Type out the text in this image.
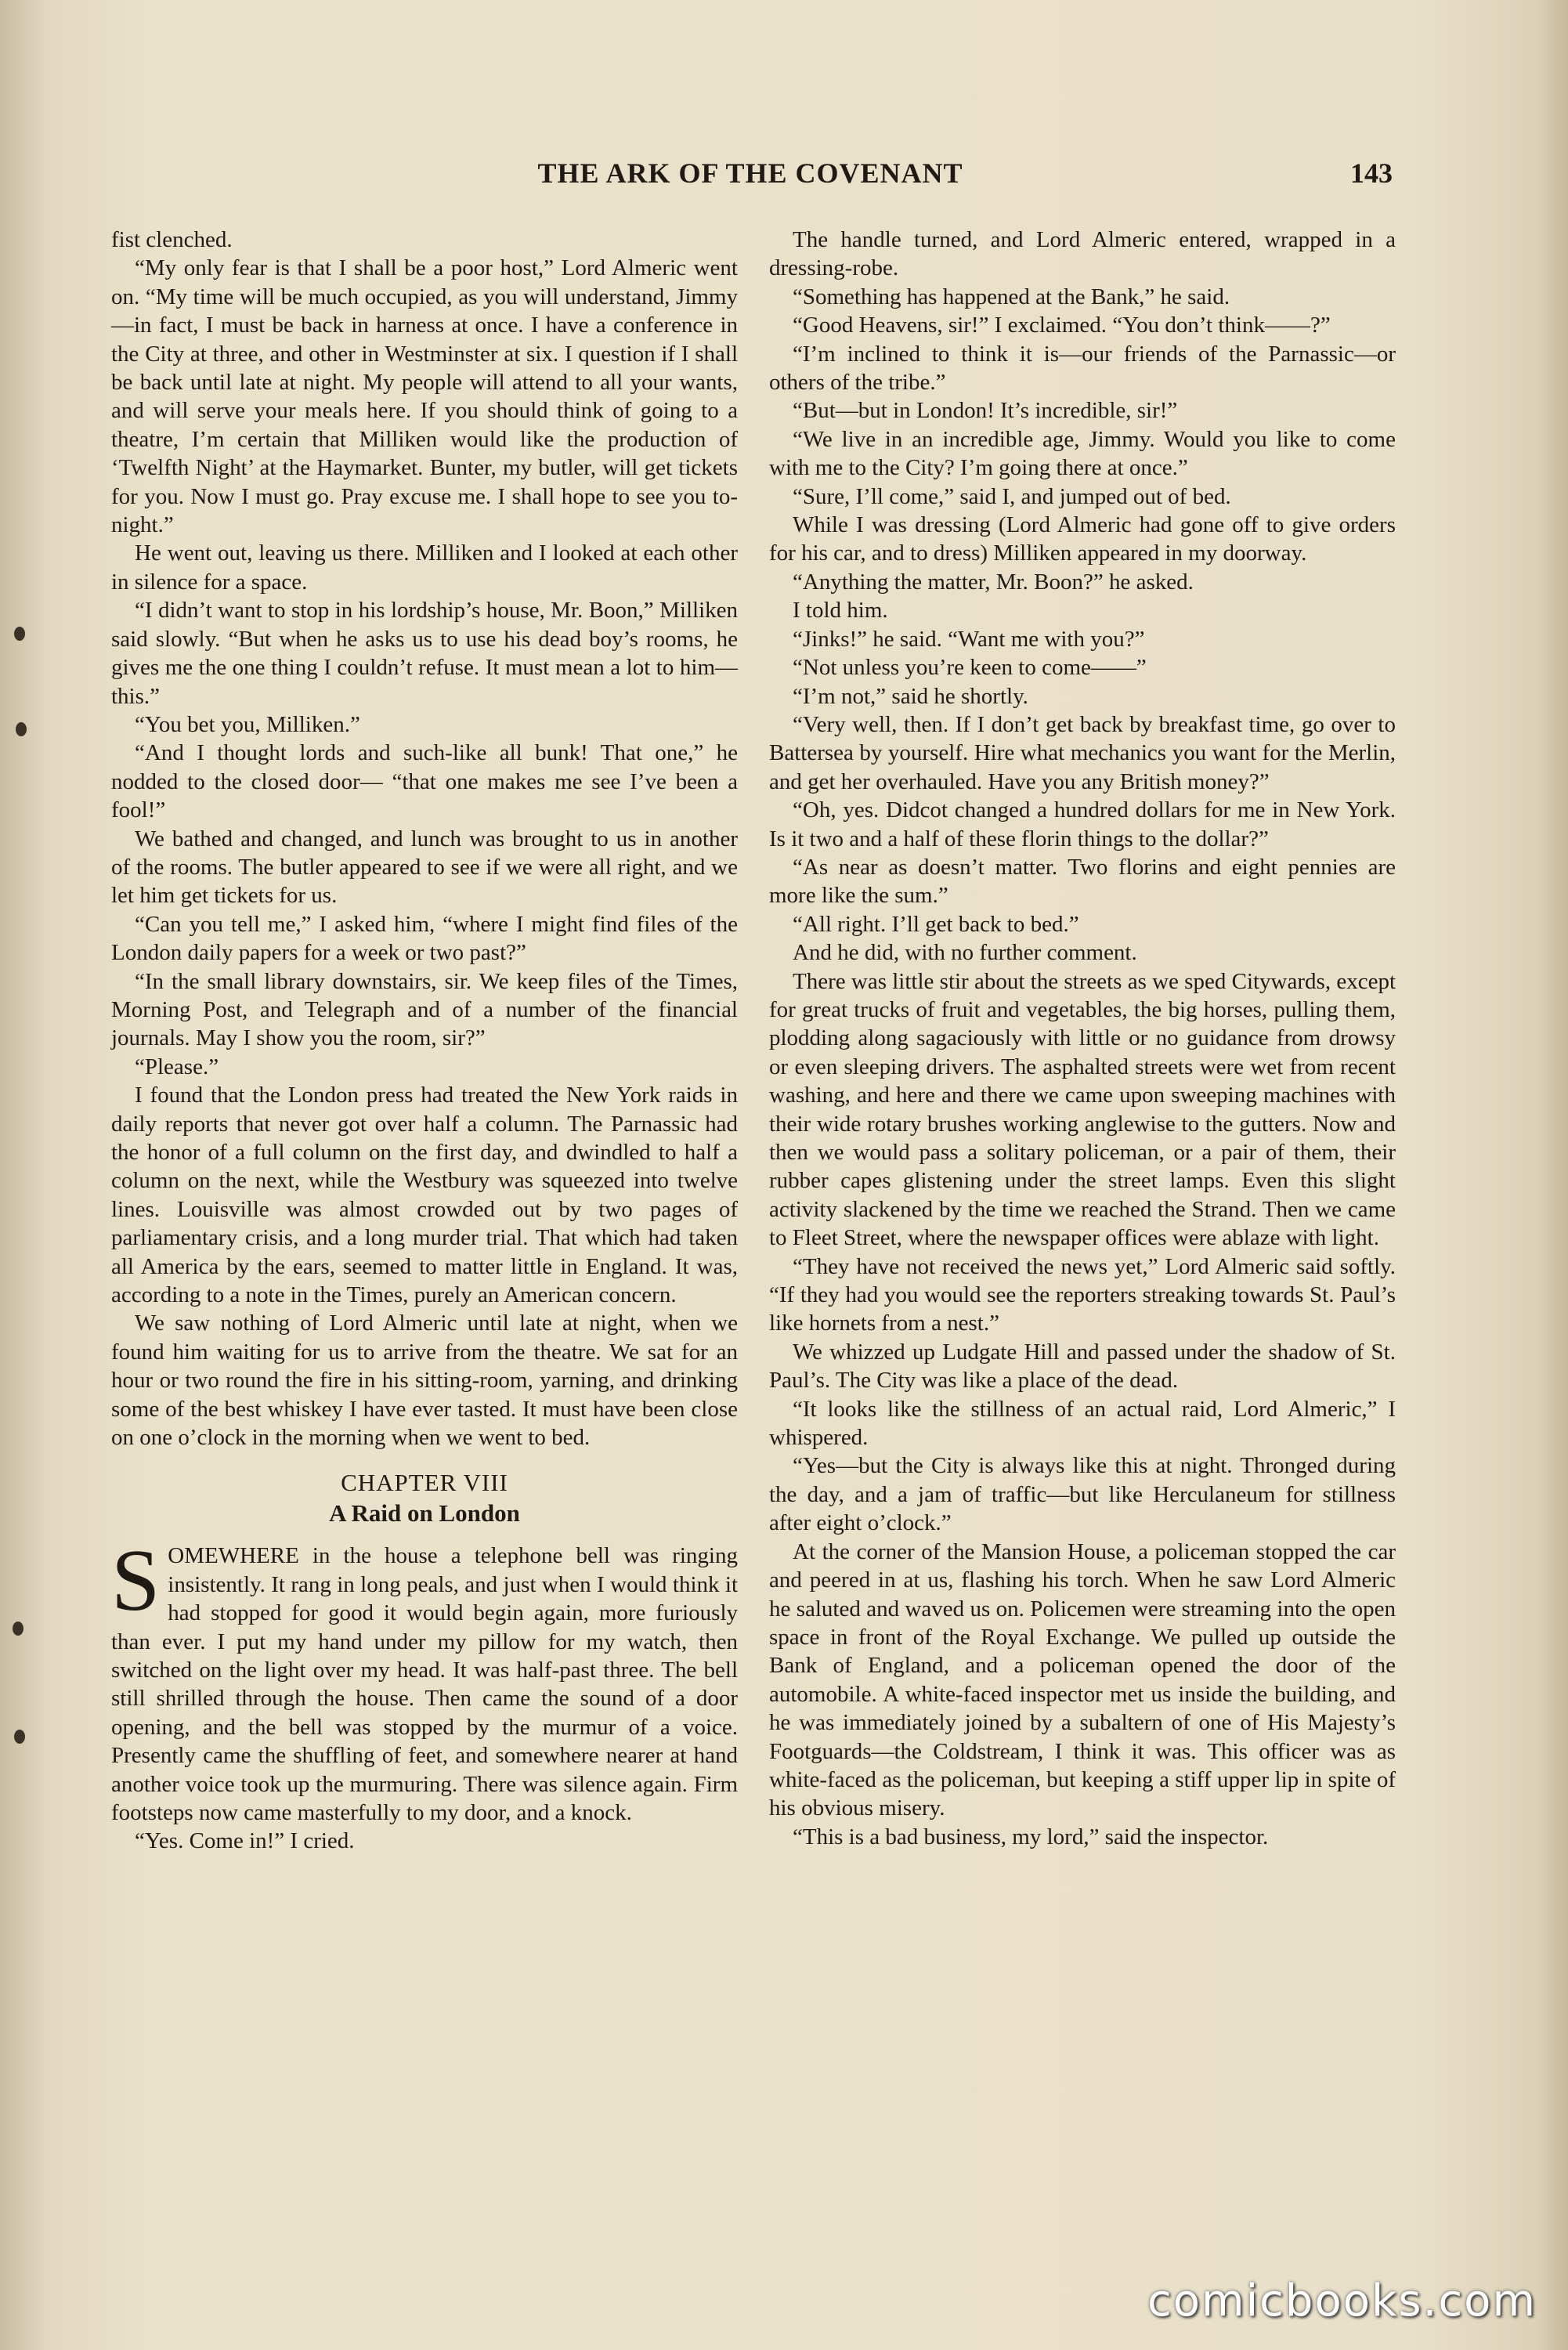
THE ARK OF THE COVENANT	143

fist clenched.

“My only fear is that I shall be a poor host,” Lord Almeric went on. “My time will be much occupied, as you will understand, Jimmy—in fact, I must be back in harness at once. I have a conference in the City at three, and other in Westminster at six. I question if I shall be back until late at night. My people will attend to all your wants, and will serve your meals here. If you should think of going to a theatre, I’m certain that Milliken would like the production of ‘Twelfth Night’ at the Haymarket. Bunter, my butler, will get tickets for you. Now I must go. Pray excuse me. I shall hope to see you to-night.”

He went out, leaving us there. Milliken and I looked at each other in silence for a space.

“I didn’t want to stop in his lordship’s house, Mr. Boon,” Milliken said slowly. “But when he asks us to use his dead boy’s rooms, he gives me the one thing I couldn’t refuse. It must mean a lot to him—this.”

“You bet you, Milliken.”

“And I thought lords and such-like all bunk! That one,” he nodded to the closed door— “that one makes me see I’ve been a fool!”

We bathed and changed, and lunch was brought to us in another of the rooms. The butler appeared to see if we were all right, and we let him get tickets for us.

“Can you tell me,” I asked him, “where I might find files of the London daily papers for a week or two past?”

“In the small library downstairs, sir. We keep files of the Times, Morning Post, and Telegraph and of a number of the financial journals. May I show you the room, sir?”

“Please.”

I found that the London press had treated the New York raids in daily reports that never got over half a column. The Parnassic had the honor of a full column on the first day, and dwindled to half a column on the next, while the Westbury was squeezed into twelve lines. Louisville was almost crowded out by two pages of parliamentary crisis, and a long murder trial. That which had taken all America by the ears, seemed to matter little in England. It was, according to a note in the Times, purely an American concern.

We saw nothing of Lord Almeric until late at night, when we found him waiting for us to arrive from the theatre. We sat for an hour or two round the fire in his sitting-room, yarning, and drinking some of the best whiskey I have ever tasted. It must have been close on one o’clock in the morning when we went to bed.

CHAPTER VIII
A Raid on London

SOMEWHERE in the house a telephone bell was ringing insistently. It rang in long peals, and just when I would think it had stopped for good it would begin again, more furiously than ever. I put my hand under my pillow for my watch, then switched on the light over my head. It was half-past three. The bell still shrilled through the house. Then came the sound of a door opening, and the bell was stopped by the murmur of a voice. Presently came the shuffling of feet, and somewhere nearer at hand another voice took up the murmuring. There was silence again. Firm footsteps now came masterfully to my door, and a knock.

“Yes. Come in!” I cried.

The handle turned, and Lord Almeric entered, wrapped in a dressing-robe.

“Something has happened at the Bank,” he said.

“Good Heavens, sir!” I exclaimed. “You don’t think——?”

“I’m inclined to think it is—our friends of the Parnassic—or others of the tribe.”

“But—but in London! It’s incredible, sir!”

“We live in an incredible age, Jimmy. Would you like to come with me to the City? I’m going there at once.”

“Sure, I’ll come,” said I, and jumped out of bed.

While I was dressing (Lord Almeric had gone off to give orders for his car, and to dress) Milliken appeared in my doorway.

“Anything the matter, Mr. Boon?” he asked.

I told him.

“Jinks!” he said. “Want me with you?”

“Not unless you’re keen to come——”

“I’m not,” said he shortly.

“Very well, then. If I don’t get back by breakfast time, go over to Battersea by yourself. Hire what mechanics you want for the Merlin, and get her overhauled. Have you any British money?”

“Oh, yes. Didcot changed a hundred dollars for me in New York. Is it two and a half of these florin things to the dollar?”

“As near as doesn’t matter. Two florins and eight pennies are more like the sum.”

“All right. I’ll get back to bed.”

And he did, with no further comment.

There was little stir about the streets as we sped Citywards, except for great trucks of fruit and vegetables, the big horses, pulling them, plodding along sagaciously with little or no guidance from drowsy or even sleeping drivers. The asphalted streets were wet from recent washing, and here and there we came upon sweeping machines with their wide rotary brushes working anglewise to the gutters. Now and then we would pass a solitary policeman, or a pair of them, their rubber capes glistening under the street lamps. Even this slight activity slackened by the time we reached the Strand. Then we came to Fleet Street, where the newspaper offices were ablaze with light.

“They have not received the news yet,” Lord Almeric said softly. “If they had you would see the reporters streaking towards St. Paul’s like hornets from a nest.”

We whizzed up Ludgate Hill and passed under the shadow of St. Paul’s. The City was like a place of the dead.

“It looks like the stillness of an actual raid, Lord Almeric,” I whispered.

“Yes—but the City is always like this at night. Thronged during the day, and a jam of traffic—but like Herculaneum for stillness after eight o’clock.”

At the corner of the Mansion House, a policeman stopped the car and peered in at us, flashing his torch. When he saw Lord Almeric he saluted and waved us on. Policemen were streaming into the open space in front of the Royal Exchange. We pulled up outside the Bank of England, and a policeman opened the door of the automobile. A white-faced inspector met us inside the building, and he was immediately joined by a subaltern of one of His Majesty’s Footguards—the Coldstream, I think it was. This officer was as white-faced as the policeman, but keeping a stiff upper lip in spite of his obvious misery.

“This is a bad business, my lord,” said the inspector.

comicbooks.com
